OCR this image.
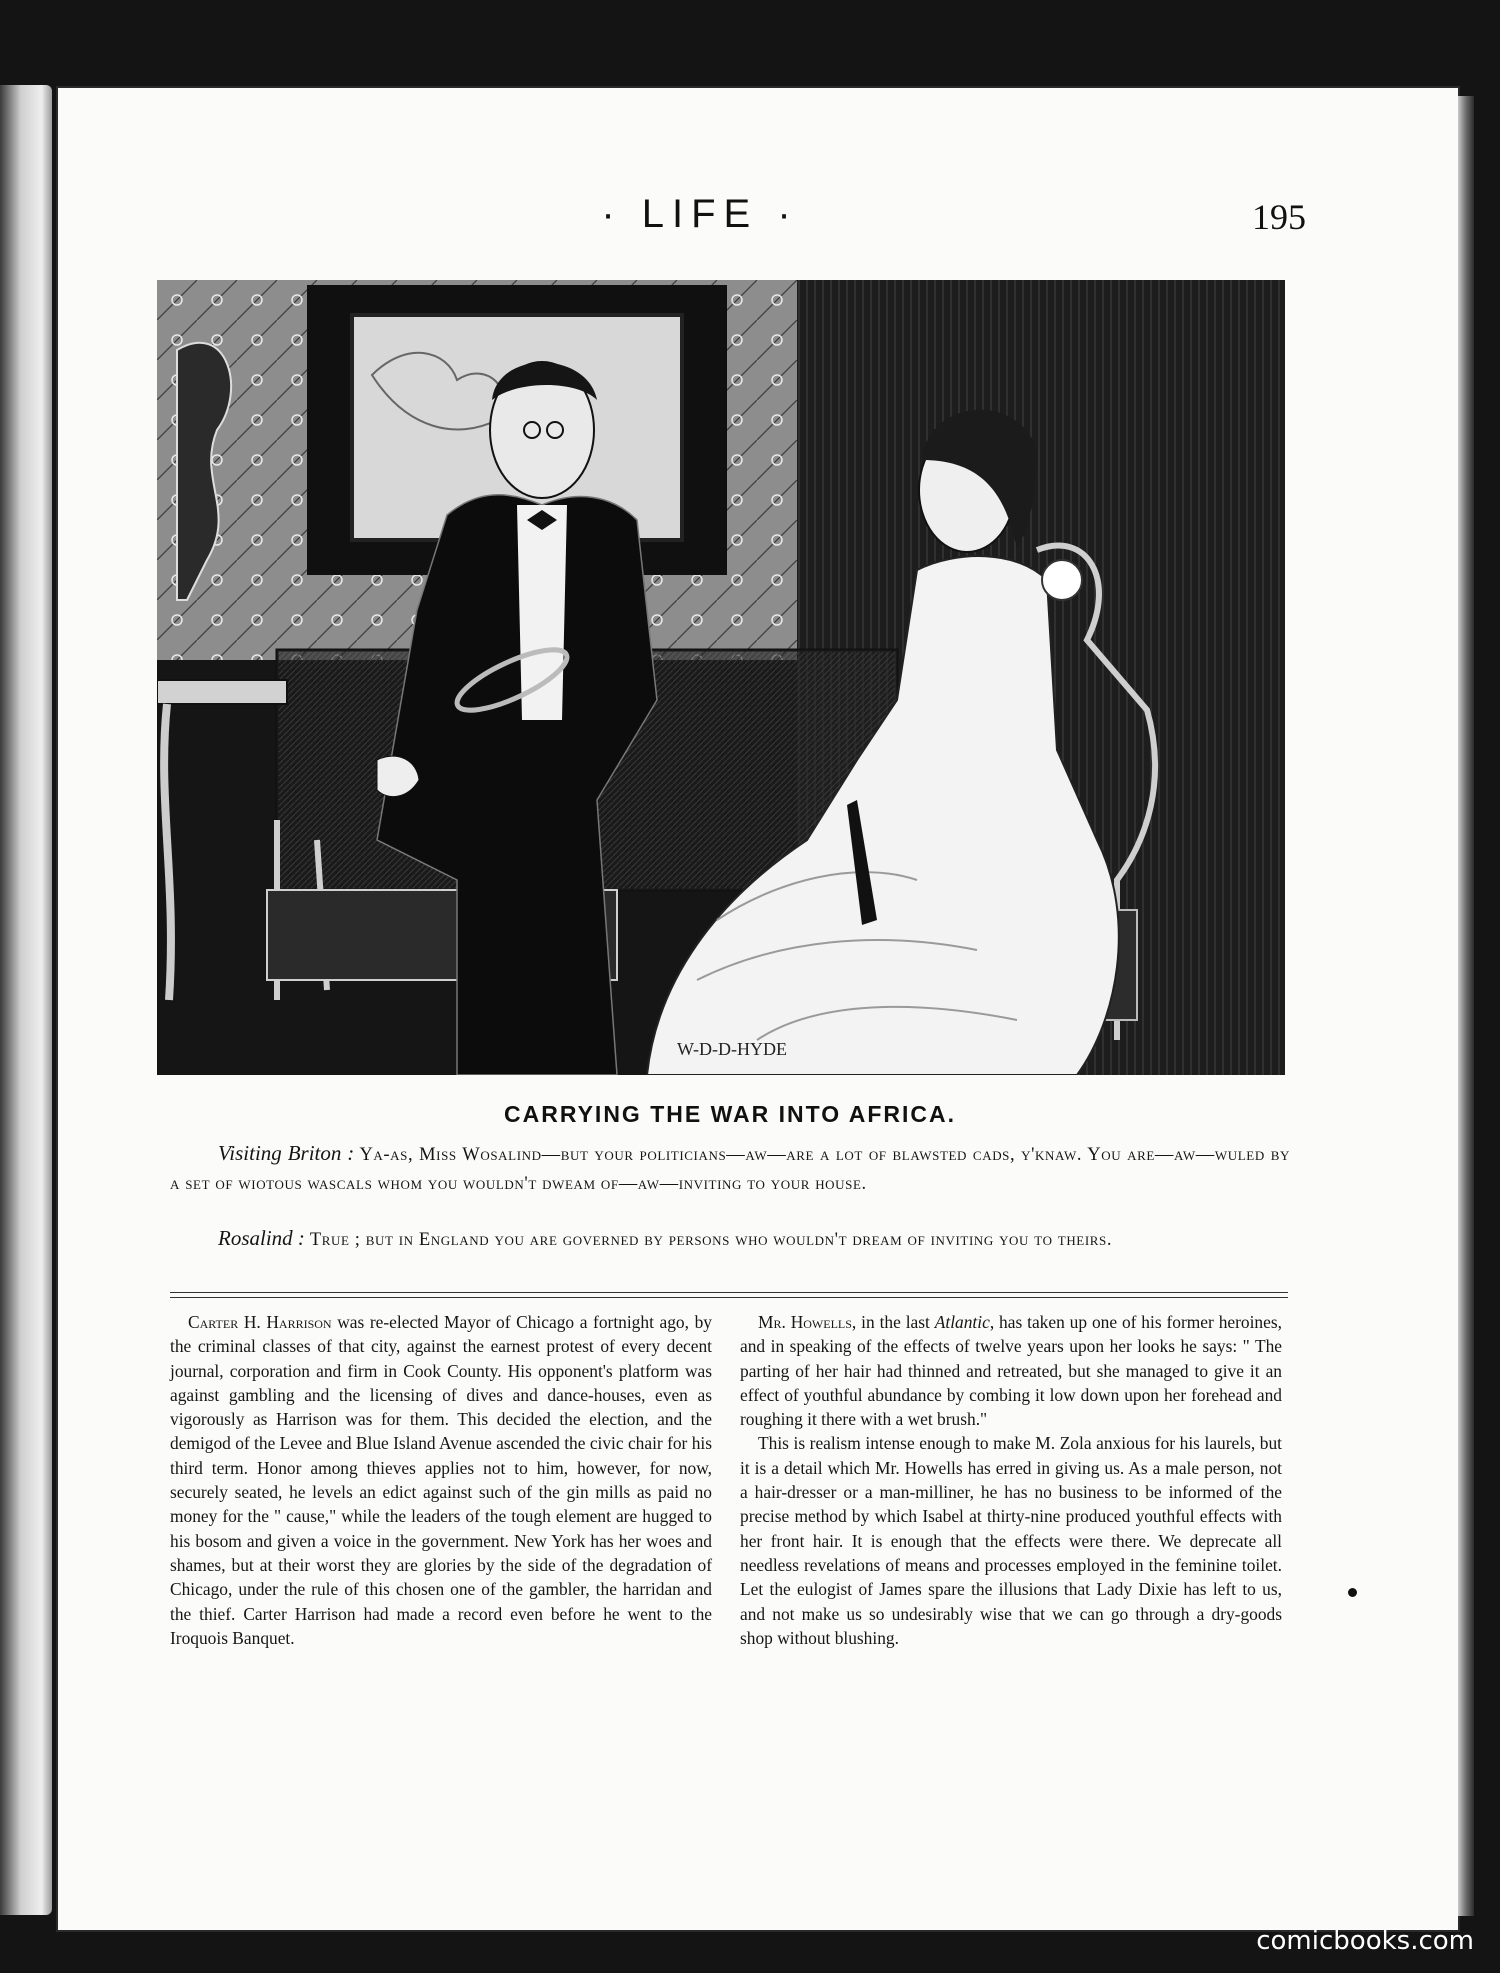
· LIFE ·	195
W-D-D-HYDE
CARRYING THE WAR INTO AFRICA.
Visiting Briton : Ya-as, Miss Wosalind—but your politicians—aw—are a lot of blawsted cads, y'knaw. You are—aw—wuled by a set of wiotous wascals whom you wouldn't dweam of—aw—inviting to your house.
Rosalind : True ; but in England you are governed by persons who wouldn't dream of inviting you to theirs.

Carter H. Harrison was re-elected Mayor of Chicago a fortnight ago, by the criminal classes of that city, against the earnest protest of every decent journal, corporation and firm in Cook County. His opponent's platform was against gambling and the licensing of dives and dance-houses, even as vigorously as Harrison was for them. This decided the election, and the demigod of the Levee and Blue Island Avenue ascended the civic chair for his third term. Honor among thieves applies not to him, however, for now, securely seated, he levels an edict against such of the gin mills as paid no money for the " cause," while the leaders of the tough element are hugged to his bosom and given a voice in the government. New York has her woes and shames, but at their worst they are glories by the side of the degradation of Chicago, under the rule of this chosen one of the gambler, the harridan and the thief. Carter Harrison had made a record even before he went to the Iroquois Banquet.

Mr. Howells, in the last Atlantic, has taken up one of his former heroines, and in speaking of the effects of twelve years upon her looks he says: " The parting of her hair had thinned and retreated, but she managed to give it an effect of youthful abundance by combing it low down upon her forehead and roughing it there with a wet brush."

This is realism intense enough to make M. Zola anxious for his laurels, but it is a detail which Mr. Howells has erred in giving us. As a male person, not a hair-dresser or a man-milliner, he has no business to be informed of the precise method by which Isabel at thirty-nine produced youthful effects with her front hair. It is enough that the effects were there. We deprecate all needless revelations of means and processes employed in the feminine toilet. Let the eulogist of James spare the illusions that Lady Dixie has left to us, and not make us so undesirably wise that we can go through a dry-goods shop without blushing.

comicbooks.com
